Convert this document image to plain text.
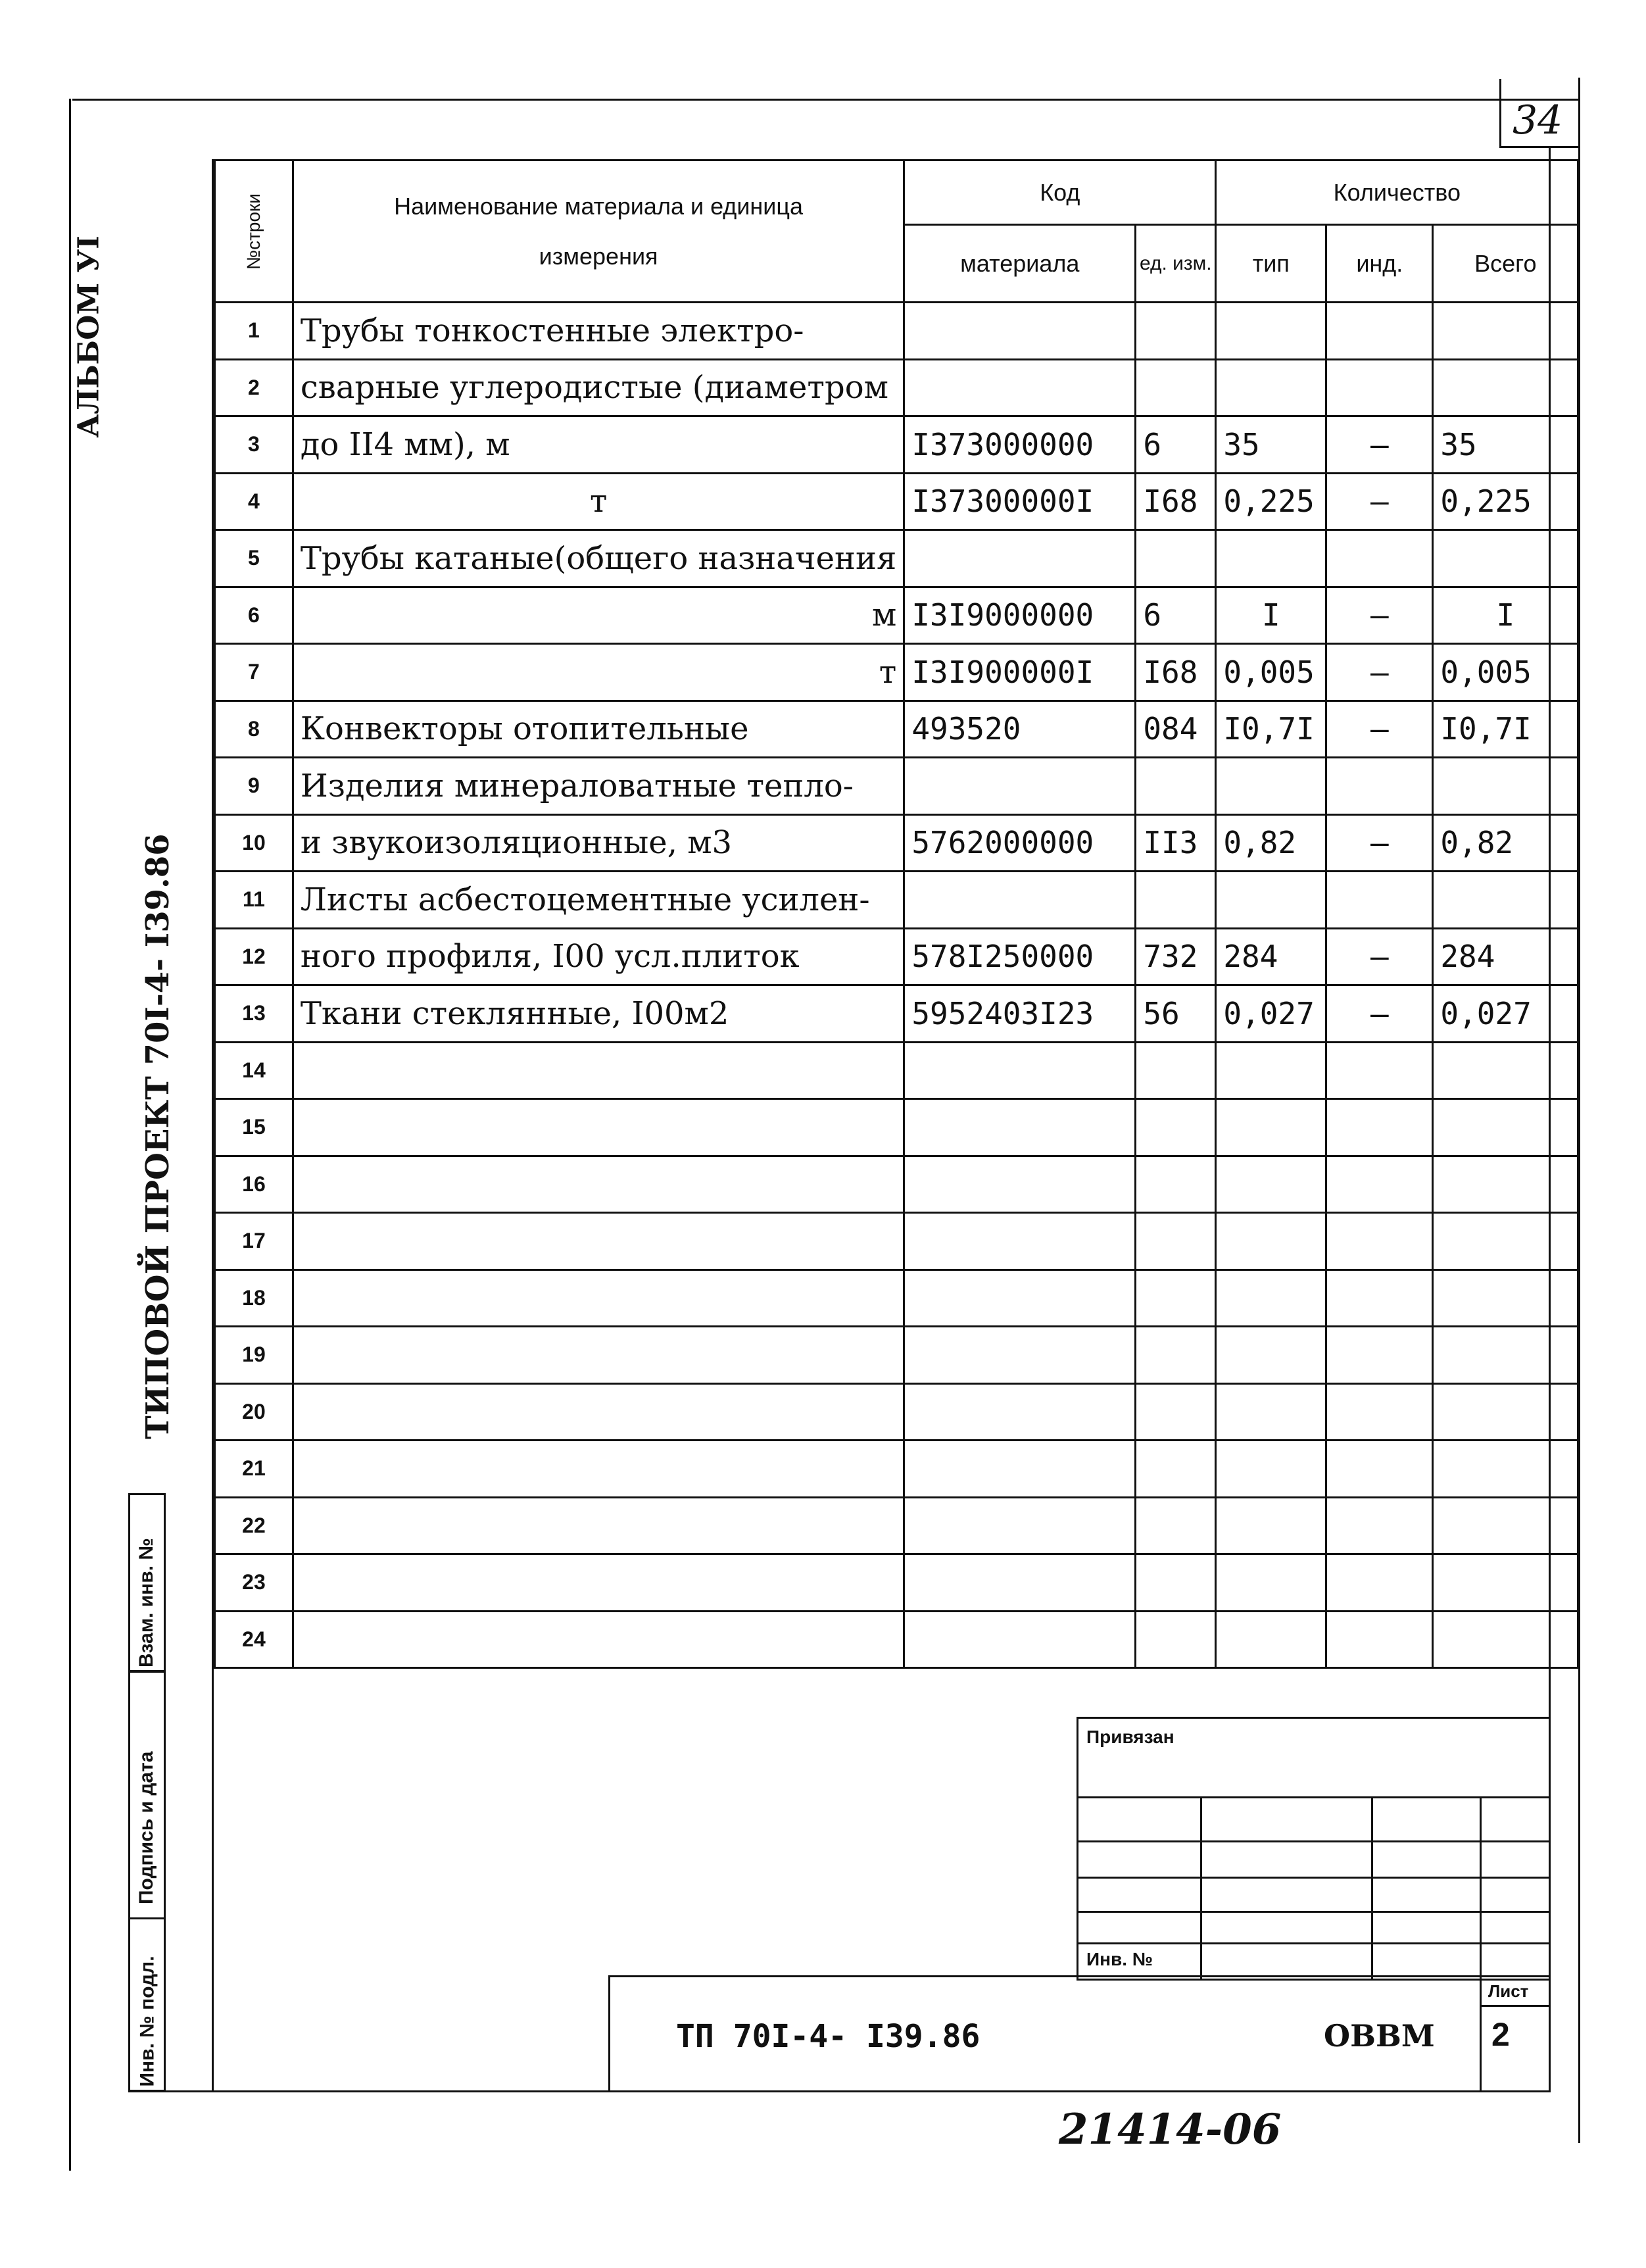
34
АЛЬБОМ УI
ТИПОВОЙ ПРОЕКТ 70I-4- I39.86
Инв. № подл.
Подпись и дата
Взам. инв. №
№строки	Наименование материала и единица измерения	Код		Количество		
		материала	ед. изм.	тип	инд.	Всего
1	Трубы тонкостенные электро-					
2	сварные углеродистые (диаметром					
3	до II4 мм), м	I373000000	6	35	–	35
4	т	I37300000I	I68	0,225	–	0,225
5	Трубы катаные(общего назначения					
6	м	I3I9000000	6	I	–	I
7	т	I3I900000I	I68	0,005	–	0,005
8	Конвекторы отопительные	493520	084	I0,7I	–	I0,7I
9	Изделия минераловатные тепло-					
10	и звукоизоляционные, м3	5762000000	II3	0,82	–	0,82
11	Листы асбестоцементные усилен-					
12	ного профиля, I00 усл.плиток	578I250000	732	284	–	284
13	Ткани стеклянные, I00м2	5952403I23	56	0,027	–	0,027
14						
15						
16						
17						
18						
19						
20						
21						
22						
23						
24						
Привязан
Инв. №
ТП 70I-4- I39.86	ОВВМ
Лист
2
21414-06
